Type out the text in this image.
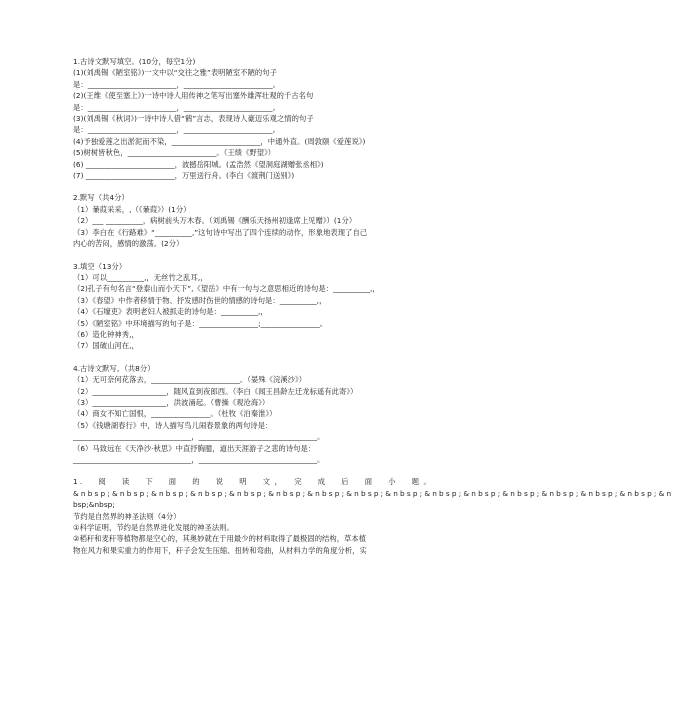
1.古诗文默写填空。(10分，每空1分)
(1)(刘禹锡《陋室铭》)一文中以“交往之雅”表明陋室不陋的句子
是：________________________，________________________。
(2)(王维《使至塞上》)一诗中诗人用传神之笔写出塞外雄浑壮观的千古名句
是：________________________，________________________。
(3)(刘禹锡《秋词》)一诗中诗人借“鹤”言志，表现诗人豪迈乐观之情的句子
是：________________________，________________________。
(4)予独爱莲之出淤泥而不染，________________________，中通外直。(周敦颐《爱莲说》)
(5)树树皆秋色，________________________。（王绩《野望》）
(6) ________________________，波撼岳阳城。(孟浩然《望洞庭湖赠张丞相》)
(7) ________________________，万里送行舟。(李白《渡荆门送别》)
2.默写（共4分）
（1）蒹葭采采，,（《蒹葭》）(1分）
（2）___ __________，病树前头万木春。（刘禹锡《酬乐天扬州初逢席上见赠》）(1分）
（3）李白在《行路难》“__________,”这句诗中写出了四个连续的动作，形象地表现了自己
内心的苦闷，感情的激荡。(2分）
3.填空（13分）
（1）可以__________,，无丝竹之乱耳,，
（2)孔子有句名言“登泰山而小天下”,《望岳》中有一句与之意思相近的诗句是：__________,，
（3）《春望》中作者移情于物、抒发感时伤世的情感的诗句是：__________,，
（4）《石壕吏》表明老妇人被抓走的诗句是：__________,，
（5）《陋室铭》中环境描写的句子是：________________;________________。
（6）造化钟神秀,，
（7）国破山河在,，
4.古诗文默写。（共8分）
（1）无可奈何花落去，________________________。（晏殊《浣溪沙》）
（2）____________________，随风直到夜郎西。（李白《闻王昌龄左迁龙标遥有此寄》）
（3）____________________，洪波涌起。（曹操《观沧海》）
（4）商女不知亡国恨，________________。（杜牧《泊秦淮》）
（5）《钱塘湖春行》中，诗人描写鸟儿闹春景象的两句诗是：
________________________________，________________________________。
（6）马致远在《天净沙·秋思》中直抒胸臆，道出天涯游子之悲的诗句是：
________________________________，________________________________。
1.　阅　读　下　面　的　说　明　文，　完　成　后　面　小　题。 &nbsp;&nbsp;&nbsp;&nbsp;&nbsp;&nbsp;&nbsp;&nbsp;&nbsp;&nbsp;&nbsp;&nbsp;&nbsp;&nbsp;&nbsp;&n
bsp;&nbsp;
节约是自然界的神圣法则（4分）
①科学证明，节约是自然界进化发展的神圣法则。
②稻秆和麦秆等植物都是空心的，其奥妙就在于用最少的材料取得了最极固的结构，草本植
物在风力和果实重力的作用下，秆子会发生压缩、扭转和弯曲，从材料力学的角度分析，实
